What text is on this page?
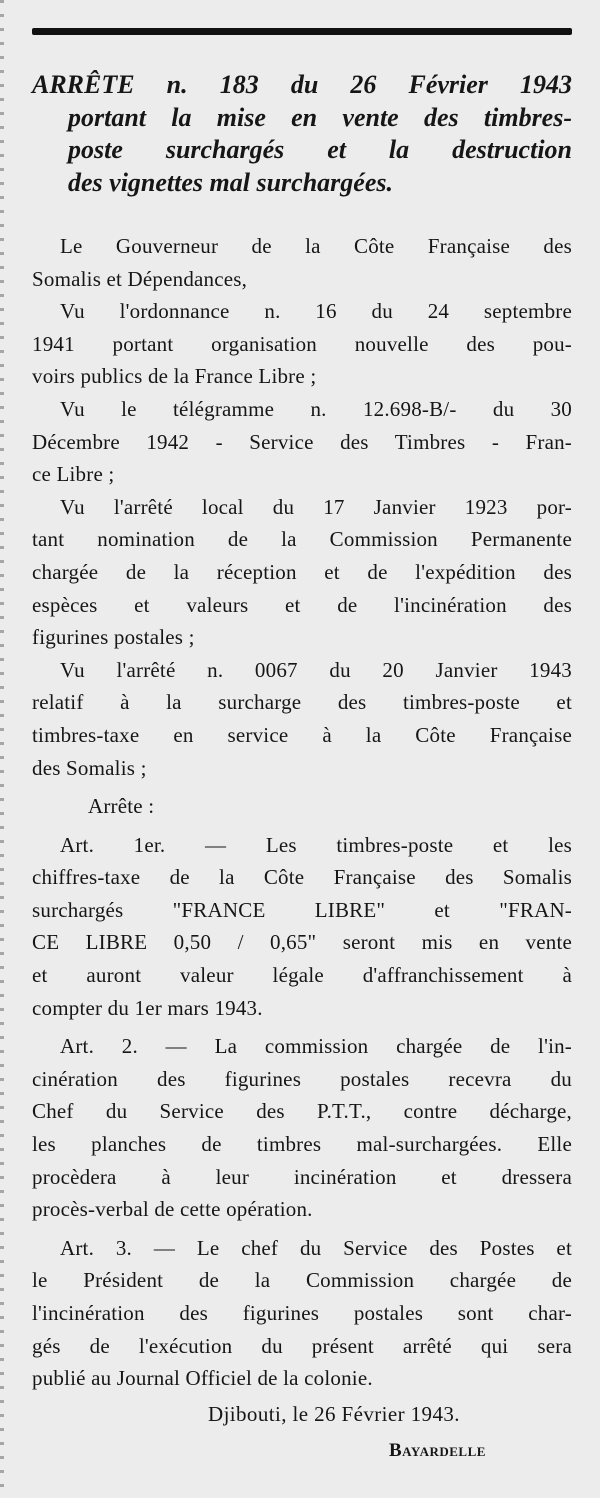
ARRÊTE n. 183 du 26 Février 1943
portant la mise en vente des timbres-
poste surchargés et la destruction
des vignettes mal surchargées.
Le Gouverneur de la Côte Française des
Somalis et Dépendances,
Vu l'ordonnance n. 16 du 24 septembre
1941 portant organisation nouvelle des pou-
voirs publics de la France Libre ;
Vu le télégramme n. 12.698-B/- du 30
Décembre 1942 - Service des Timbres - Fran-
ce Libre ;
Vu l'arrêté local du 17 Janvier 1923 por-
tant nomination de la Commission Permanente
chargée de la réception et de l'expédition des
espèces et valeurs et de l'incinération des
figurines postales ;
Vu l'arrêté n. 0067 du 20 Janvier 1943
relatif à la surcharge des timbres-poste et
timbres-taxe en service à la Côte Française
des Somalis ;
Arrête :
Art. 1er. — Les timbres-poste et les
chiffres-taxe de la Côte Française des Somalis
surchargés "FRANCE LIBRE" et "FRAN-
CE LIBRE 0,50 / 0,65" seront mis en vente
et auront valeur légale d'affranchissement à
compter du 1er mars 1943.
Art. 2. — La commission chargée de l'in-
cinération des figurines postales recevra du
Chef du Service des P.T.T., contre décharge,
les planches de timbres mal-surchargées. Elle
procèdera à leur incinération et dressera
procès-verbal de cette opération.
Art. 3. — Le chef du Service des Postes et
le Président de la Commission chargée de
l'incinération des figurines postales sont char-
gés de l'exécution du présent arrêté qui sera
publié au Journal Officiel de la colonie.
Djibouti, le 26 Février 1943.
Bayardelle
